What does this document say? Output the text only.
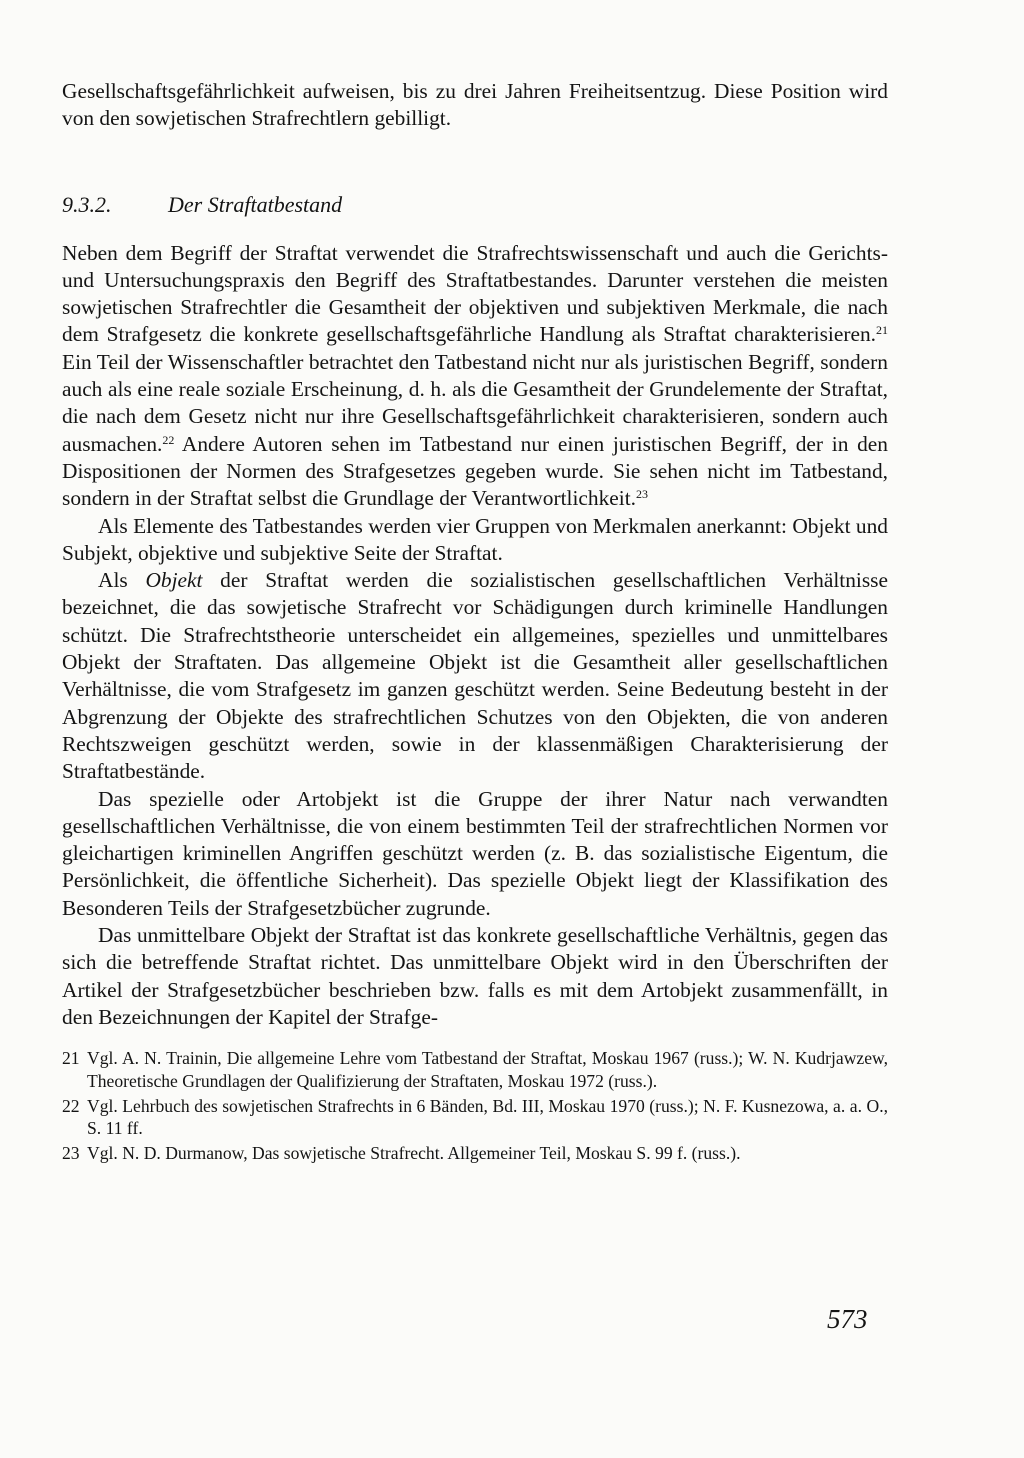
Gesellschaftsgefährlichkeit aufweisen, bis zu drei Jahren Freiheitsentzug. Diese Position wird von den sowjetischen Strafrechtlern gebilligt.

9.3.2.	Der Straftatbestand

Neben dem Begriff der Straftat verwendet die Strafrechtswissenschaft und auch die Gerichts- und Untersuchungspraxis den Begriff des Straftatbestandes. Darunter verstehen die meisten sowjetischen Strafrechtler die Gesamtheit der objektiven und subjektiven Merkmale, die nach dem Strafgesetz die konkrete gesellschaftsgefährliche Handlung als Straftat charakterisieren.$^{21}$ Ein Teil der Wissenschaftler betrachtet den Tatbestand nicht nur als juristischen Begriff, sondern auch als eine reale soziale Erscheinung, d. h. als die Gesamtheit der Grundelemente der Straftat, die nach dem Gesetz nicht nur ihre Gesellschaftsgefährlichkeit charakterisieren, sondern auch ausmachen.$^{22}$ Andere Autoren sehen im Tatbestand nur einen juristischen Begriff, der in den Dispositionen der Normen des Strafgesetzes gegeben wurde. Sie sehen nicht im Tatbestand, sondern in der Straftat selbst die Grundlage der Verantwortlichkeit.$^{23}$

Als Elemente des Tatbestandes werden vier Gruppen von Merkmalen anerkannt: Objekt und Subjekt, objektive und subjektive Seite der Straftat.

Als Objekt der Straftat werden die sozialistischen gesellschaftlichen Verhältnisse bezeichnet, die das sowjetische Strafrecht vor Schädigungen durch kriminelle Handlungen schützt. Die Strafrechtstheorie unterscheidet ein allgemeines, spezielles und unmittelbares Objekt der Straftaten. Das allgemeine Objekt ist die Gesamtheit aller gesellschaftlichen Verhältnisse, die vom Strafgesetz im ganzen geschützt werden. Seine Bedeutung besteht in der Abgrenzung der Objekte des strafrechtlichen Schutzes von den Objekten, die von anderen Rechtszweigen geschützt werden, sowie in der klassenmäßigen Charakterisierung der Straftatbestände.

Das spezielle oder Artobjekt ist die Gruppe der ihrer Natur nach verwandten gesellschaftlichen Verhältnisse, die von einem bestimmten Teil der strafrechtlichen Normen vor gleichartigen kriminellen Angriffen geschützt werden (z. B. das sozialistische Eigentum, die Persönlichkeit, die öffentliche Sicherheit). Das spezielle Objekt liegt der Klassifikation des Besonderen Teils der Strafgesetzbücher zugrunde.

Das unmittelbare Objekt der Straftat ist das konkrete gesellschaftliche Verhältnis, gegen das sich die betreffende Straftat richtet. Das unmittelbare Objekt wird in den Überschriften der Artikel der Strafgesetzbücher beschrieben bzw. falls es mit dem Artobjekt zusammenfällt, in den Bezeichnungen der Kapitel der Strafge-

21 Vgl. A. N. Trainin, Die allgemeine Lehre vom Tatbestand der Straftat, Moskau 1967 (russ.); W. N. Kudrjawzew, Theoretische Grundlagen der Qualifizierung der Straftaten, Moskau 1972 (russ.).
22 Vgl. Lehrbuch des sowjetischen Strafrechts in 6 Bänden, Bd. III, Moskau 1970 (russ.); N. F. Kusnezowa, a. a. O., S. 11 ff.
23 Vgl. N. D. Durmanow, Das sowjetische Strafrecht. Allgemeiner Teil, Moskau S. 99 f. (russ.).
573
